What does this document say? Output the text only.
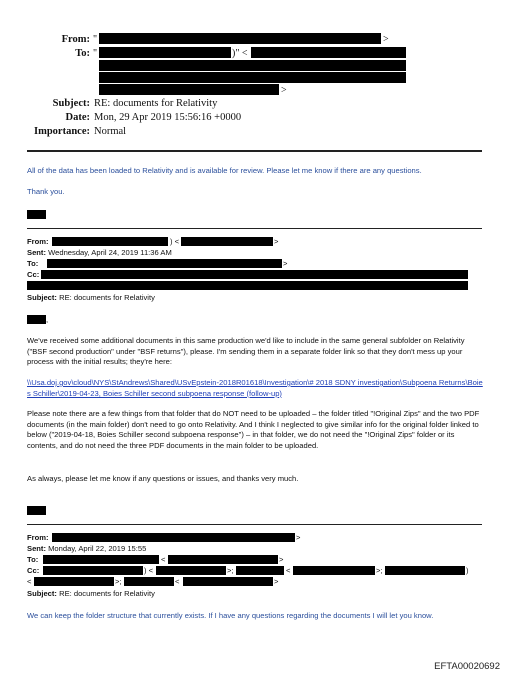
From: "	>
To: "	)" <
>
Subject: RE: documents for Relativity
Date: Mon, 29 Apr 2019 15:56:16 +0000
Importance: Normal
All of the data has been loaded to Relativity and is available for review. Please let me know if there are any questions.
Thank you.
From:	) <	>
Sent: Wednesday, April 24, 2019 11:36 AM
To:	>
Cc:
Subject: RE: documents for Relativity
,
We've received some additional documents in this same production we'd like to include in the same general subfolder on Relativity ("BSF second production" under "BSF returns"), please. I'm sending them in a separate folder link so that they don't mess up your process with the initial results; they're here:
\\Usa.doj.gov\cloud\NYS\StAndrews\Shared\USvEpstein-2018R01618\Investigation\# 2018 SDNY investigation\Subpoena Returns\Boies Schiller\2019-04-23, Boies Schiller second subpoena response (follow-up)
Please note there are a few things from that folder that do NOT need to be uploaded – the folder titled "!Original Zips" and the two PDF documents (in the main folder) don't need to go onto Relativity. And I think I neglected to give similar info for the original folder linked to below ("2019-04-18, Boies Schiller second subpoena response") – in that folder, we do not need the "!Original Zips" folder or its contents, and do not need the three PDF documents in the main folder to be uploaded.
As always, please let me know if any questions or issues, and thanks very much.
From:	>
Sent: Monday, April 22, 2019 15:55
To:	<	>
Cc:	) <	>;	<	>;	)
<	>;	<	>
Subject: RE: documents for Relativity
We can keep the folder structure that currently exists. If I have any questions regarding the documents I will let you know.
EFTA00020692
